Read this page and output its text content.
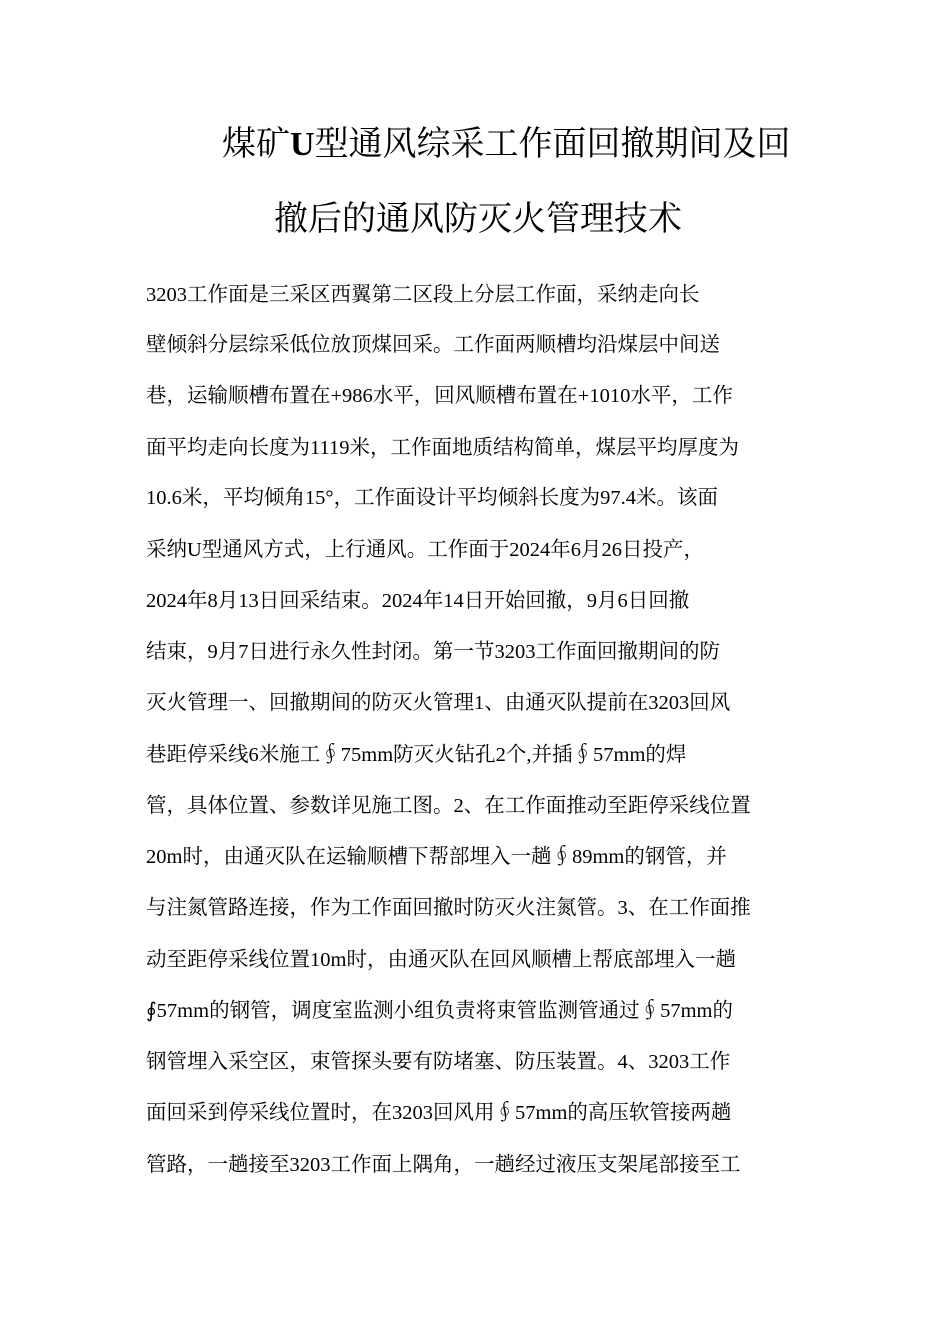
煤矿U型通风综采工作面回撤期间及回
撤后的通风防灭火管理技术
3203工作面是三采区西翼第二区段上分层工作面，采纳走向长
壁倾斜分层综采低位放顶煤回采。工作面两顺槽均沿煤层中间送
巷，运输顺槽布置在+986水平，回风顺槽布置在+1010水平，工作
面平均走向长度为1119米，工作面地质结构简单，煤层平均厚度为
10.6米，平均倾角15°，工作面设计平均倾斜长度为97.4米。该面
采纳U型通风方式，上行通风。工作面于2024年6月26日投产，
2024年8月13日回采结束。2024年14日开始回撤，9月6日回撤
结束，9月7日进行永久性封闭。第一节3203工作面回撤期间的防
灭火管理一、回撤期间的防灭火管理1、由通灭队提前在3203回风
巷距停采线6米施工∮75mm防灭火钻孔2个,并插∮57mm的焊
管，具体位置、参数详见施工图。2、在工作面推动至距停采线位置
20m时，由通灭队在运输顺槽下帮部埋入一趟∮89mm的钢管，并
与注氮管路连接，作为工作面回撤时防灭火注氮管。3、在工作面推
动至距停采线位置10m时，由通灭队在回风顺槽上帮底部埋入一趟
∮57mm的钢管，调度室监测小组负责将束管监测管通过∮57mm的
钢管埋入采空区，束管探头要有防堵塞、防压装置。4、3203工作
面回采到停采线位置时，在3203回风用∮57mm的高压软管接两趟
管路，一趟接至3203工作面上隅角，一趟经过液压支架尾部接至工
